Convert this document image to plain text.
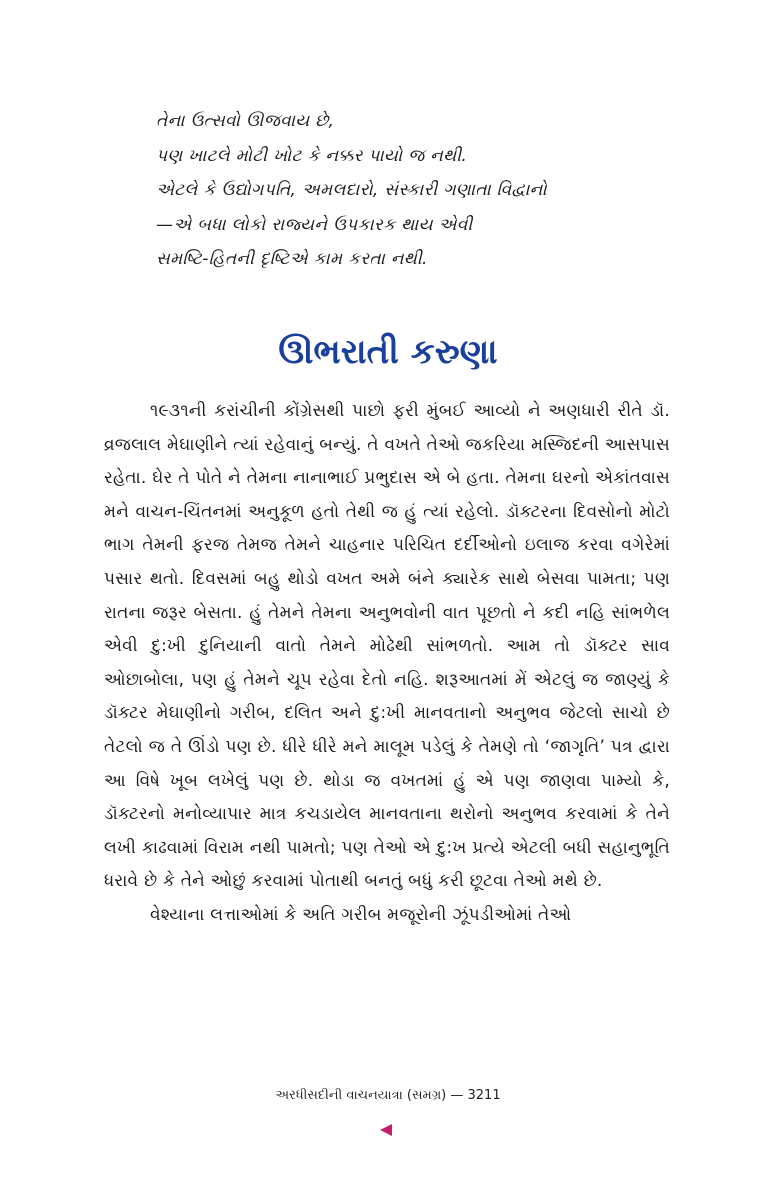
તેના ઉત્સવો ઊજવાય છે,
પણ ખાટલે મોટી ખોટ કે નક્કર પાયો જ નથી.
એટલે કે ઉદ્યોગપતિ, અમલદારો, સંસ્કારી ગણાતા વિદ્વાનો
—એ બધા લોકો રાજ્યને ઉપકારક થાય એવી
સમષ્ટિ-હિતની દૃષ્ટિએ કામ કરતા નથી.
ઊભરાતી કરુણા

૧૯૩૧ની કરાંચીની કોંગ્રેસથી પાછો ફરી મુંબઈ આવ્યો ને અણધારી રીતે ડૉ. વ્રજલાલ મેઘાણીને ત્યાં રહેવાનું બન્યું. તે વખતે તેઓ જકરિયા મસ્જિદની આસપાસ રહેતા. ઘેર તે પોતે ને તેમના નાનાભાઈ પ્રભુદાસ એ બે હતા. તેમના ઘરનો એકાંતવાસ મને વાચન-ચિંતનમાં અનુકૂળ હતો તેથી જ હું ત્યાં રહેલો. ડૉક્ટરના દિવસોનો મોટો ભાગ તેમની ફરજ તેમજ તેમને ચાહનાર પરિચિત દર્દીઓનો ઇલાજ કરવા વગેરેમાં પસાર થતો. દિવસમાં બહુ થોડો વખત અમે બંને ક્યારેક સાથે બેસવા પામતા; પણ રાતના જરૂર બેસતા. હું તેમને તેમના અનુભવોની વાત પૂછતો ને કદી નહિ સાંભળેલ એવી દુ:ખી દુનિયાની વાતો તેમને મોઢેથી સાંભળતો. આમ તો ડૉક્ટર સાવ ઓછાબોલા, પણ હું તેમને ચૂપ રહેવા દેતો નહિ. શરૂઆતમાં મેં એટલું જ જાણ્યું કે ડૉક્ટર મેઘાણીનો ગરીબ, દલિત અને દુ:ખી માનવતાનો અનુભવ જેટલો સાચો છે તેટલો જ તે ઊંડો પણ છે. ધીરે ધીરે મને માલૂમ પડેલું કે તેમણે તો ‘જાગૃતિ’ પત્ર દ્વારા આ વિષે ખૂબ લખેલું પણ છે. થોડા જ વખતમાં હું એ પણ જાણવા પામ્યો કે, ડૉક્ટરનો મનોવ્યાપાર માત્ર કચડાયેલ માનવતાના થરોનો અનુભવ કરવામાં કે તેને લખી કાઢવામાં વિરામ નથી પામતો; પણ તેઓ એ દુ:ખ પ્રત્યે એટલી બધી સહાનુભૂતિ ધરાવે છે કે તેને ઓછું કરવામાં પોતાથી બનતું બધું કરી છૂટવા તેઓ મથે છે.

વેશ્યાના લત્તાઓમાં કે અતિ ગરીબ મજૂરોની ઝૂંપડીઓમાં તેઓ

અરધીસદીની વાચનયાત્રા (સમગ્ર) — 3211
